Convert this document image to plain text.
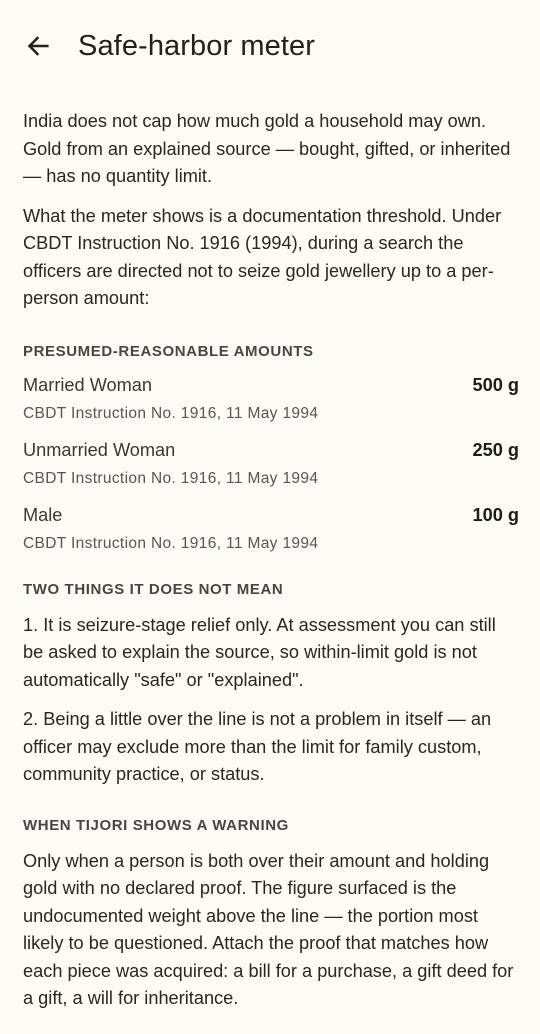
Safe-harbor meter

India does not cap how much gold a household may own. Gold from an explained source — bought, gifted, or inherited — has no quantity limit.

What the meter shows is a documentation threshold. Under CBDT Instruction No. 1916 (1994), during a search the officers are directed not to seize gold jewellery up to a per-person amount:

PRESUMED-REASONABLE AMOUNTS
Married Woman	500 g
CBDT Instruction No. 1916, 11 May 1994
Unmarried Woman	250 g
CBDT Instruction No. 1916, 11 May 1994
Male	100 g
CBDT Instruction No. 1916, 11 May 1994
TWO THINGS IT DOES NOT MEAN

1. It is seizure-stage relief only. At assessment you can still be asked to explain the source, so within-limit gold is not automatically "safe" or "explained".

2. Being a little over the line is not a problem in itself — an officer may exclude more than the limit for family custom, community practice, or status.

WHEN TIJORI SHOWS A WARNING

Only when a person is both over their amount and holding gold with no declared proof. The figure surfaced is the undocumented weight above the line — the portion most likely to be questioned. Attach the proof that matches how each piece was acquired: a bill for a purchase, a gift deed for a gift, a will for inheritance.
